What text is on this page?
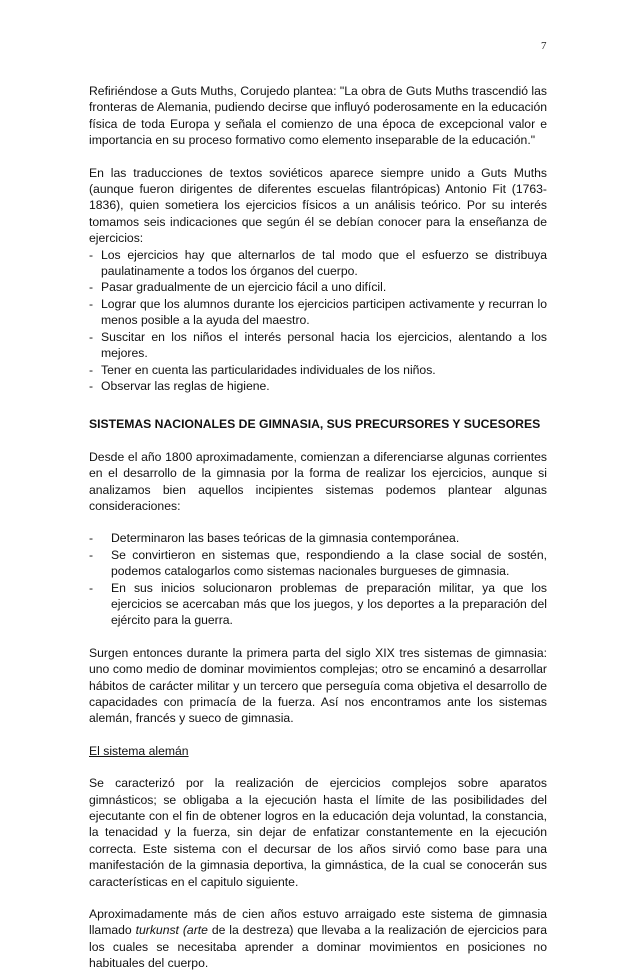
7

Refiriéndose a Guts Muths, Corujedo plantea: "La obra de Guts Muths trascendió las fronteras de Alemania, pudiendo decirse que influyó poderosamente en la educación física de toda Europa y señala el comienzo de una época de excepcional valor e importancia en su proceso formativo como elemento inseparable de la educación."

En las traducciones de textos soviéticos aparece siempre unido a Guts Muths (aunque fueron dirigentes de diferentes escuelas filantrópicas) Antonio Fit (1763-1836), quien sometiera los ejercicios físicos a un análisis teórico. Por su interés tomamos seis indicaciones que según él se debían conocer para la enseñanza de ejercicios:

- Los ejercicios hay que alternarlos de tal modo que el esfuerzo se distribuya paulatinamente a todos los órganos del cuerpo.
- Pasar gradualmente de un ejercicio fácil a uno difícil.
- Lograr que los alumnos durante los ejercicios participen activamente y recurran lo menos posible a la ayuda del maestro.
- Suscitar en los niños el interés personal hacia los ejercicios, alentando a los mejores.
- Tener en cuenta las particularidades individuales de los niños.
- Observar las reglas de higiene.

SISTEMAS NACIONALES DE GIMNASIA, SUS PRECURSORES Y SUCESORES

Desde el año 1800 aproximadamente, comienzan a diferenciarse algunas corrientes en el desarrollo de la gimnasia por la forma de realizar los ejercicios, aunque si analizamos bien aquellos incipientes sistemas podemos plantear algunas consideraciones:

- Determinaron las bases teóricas de la gimnasia contemporánea.
- Se convirtieron en sistemas que, respondiendo a la clase social de sostén, podemos catalogarlos como sistemas nacionales burgueses de gimnasia.
- En sus inicios solucionaron problemas de preparación militar, ya que los ejercicios se acercaban más que los juegos, y los deportes a la preparación del ejército para la guerra.

Surgen entonces durante la primera parta del siglo XIX tres sistemas de gimnasia: uno como medio de dominar movimientos complejas; otro se encaminó a desarrollar hábitos de carácter militar y un tercero que perseguía coma objetiva el desarrollo de capacidades con primacía de la fuerza. Así nos encontramos ante los sistemas alemán, francés y sueco de gimnasia.

El sistema alemán

Se caracterizó por la realización de ejercicios complejos sobre aparatos gimnásticos; se obligaba a la ejecución hasta el límite de las posibilidades del ejecutante con el fin de obtener logros en la educación deja voluntad, la constancia, la tenacidad y la fuerza, sin dejar de enfatizar constantemente en la ejecución correcta. Este sistema con el decursar de los años sirvió como base para una manifestación de la gimnasia deportiva, la gimnástica, de la cual se conocerán sus características en el capitulo siguiente.

Aproximadamente más de cien años estuvo arraigado este sistema de gimnasia llamado turkunst (arte de la destreza) que llevaba a la realización de ejercicios para los cuales se necesitaba aprender a dominar movimientos en posiciones no habituales del cuerpo.
